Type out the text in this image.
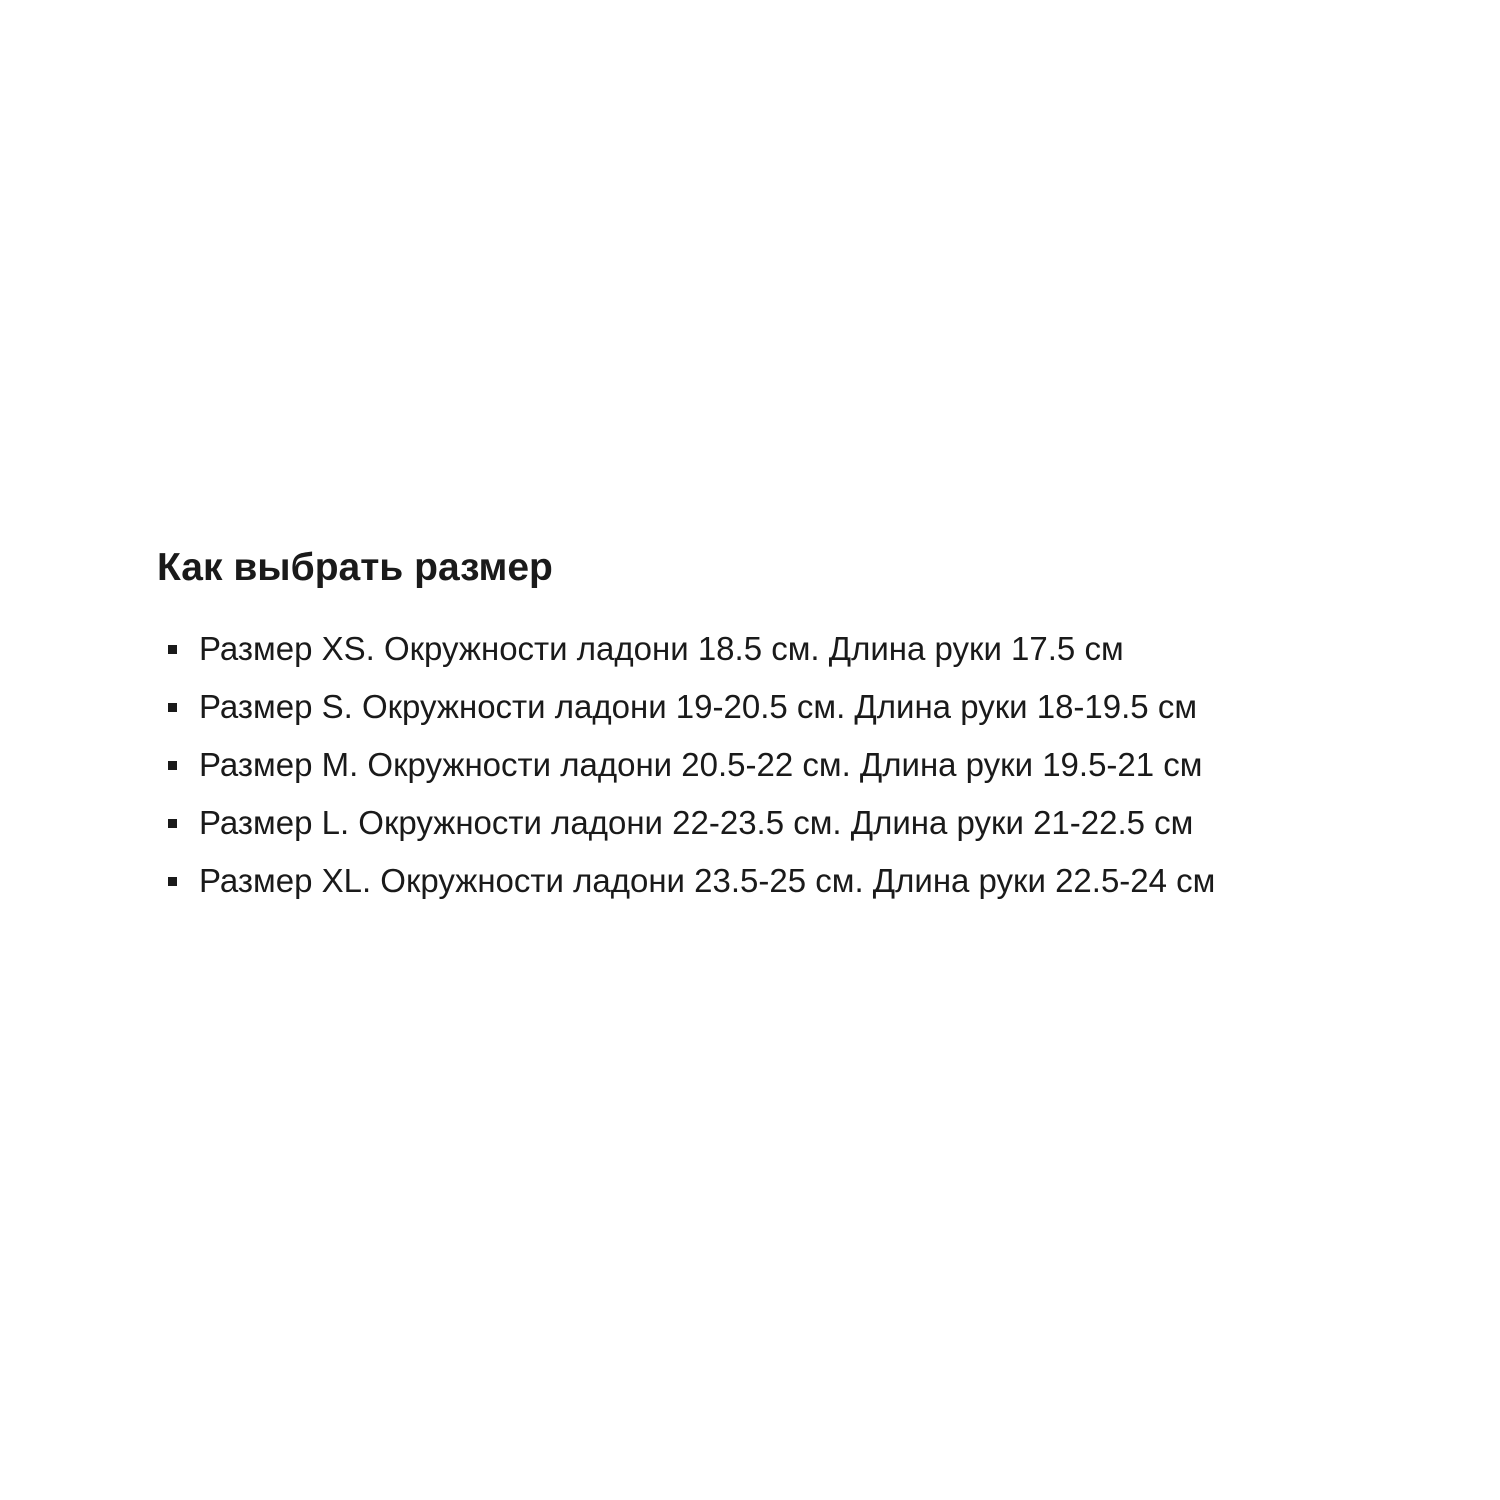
Как выбрать размер
Размер XS. Окружности ладони 18.5 см. Длина руки 17.5 см
Размер S. Окружности ладони 19-20.5 см. Длина руки 18-19.5 см
Размер M. Окружности ладони 20.5-22 см. Длина руки 19.5-21 см
Размер L. Окружности ладони 22-23.5 см. Длина руки 21-22.5 см
Размер XL. Окружности ладони 23.5-25 см. Длина руки 22.5-24 см
